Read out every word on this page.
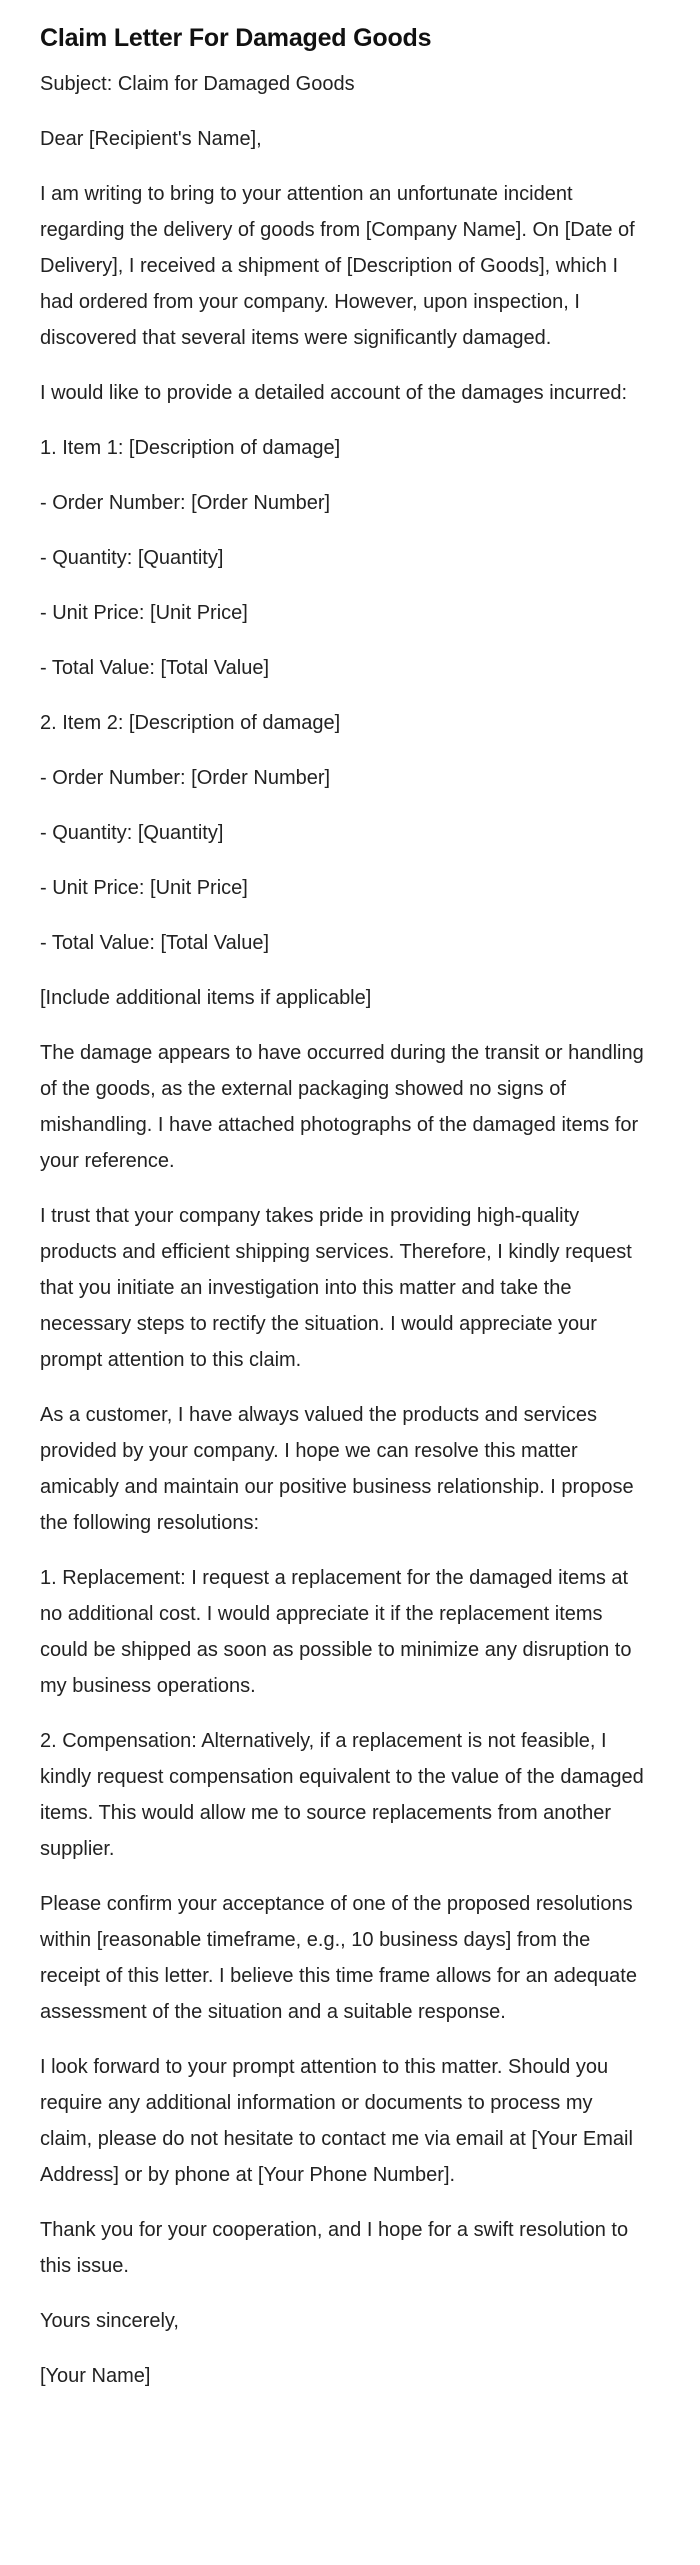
Claim Letter For Damaged Goods

Subject: Claim for Damaged Goods

Dear [Recipient's Name],

I am writing to bring to your attention an unfortunate incident regarding the delivery of goods from [Company Name]. On [Date of Delivery], I received a shipment of [Description of Goods], which I had ordered from your company. However, upon inspection, I discovered that several items were significantly damaged.

I would like to provide a detailed account of the damages incurred:

1. Item 1: [Description of damage]

- Order Number: [Order Number]

- Quantity: [Quantity]

- Unit Price: [Unit Price]

- Total Value: [Total Value]

2. Item 2: [Description of damage]

- Order Number: [Order Number]

- Quantity: [Quantity]

- Unit Price: [Unit Price]

- Total Value: [Total Value]

[Include additional items if applicable]

The damage appears to have occurred during the transit or handling of the goods, as the external packaging showed no signs of mishandling. I have attached photographs of the damaged items for your reference.

I trust that your company takes pride in providing high-quality products and efficient shipping services. Therefore, I kindly request that you initiate an investigation into this matter and take the necessary steps to rectify the situation. I would appreciate your prompt attention to this claim.

As a customer, I have always valued the products and services provided by your company. I hope we can resolve this matter amicably and maintain our positive business relationship. I propose the following resolutions:

1. Replacement: I request a replacement for the damaged items at no additional cost. I would appreciate it if the replacement items could be shipped as soon as possible to minimize any disruption to my business operations.

2. Compensation: Alternatively, if a replacement is not feasible, I kindly request compensation equivalent to the value of the damaged items. This would allow me to source replacements from another supplier.

Please confirm your acceptance of one of the proposed resolutions within [reasonable timeframe, e.g., 10 business days] from the receipt of this letter. I believe this time frame allows for an adequate assessment of the situation and a suitable response.

I look forward to your prompt attention to this matter. Should you require any additional information or documents to process my claim, please do not hesitate to contact me via email at [Your Email Address] or by phone at [Your Phone Number].

Thank you for your cooperation, and I hope for a swift resolution to this issue.

Yours sincerely,

[Your Name]
